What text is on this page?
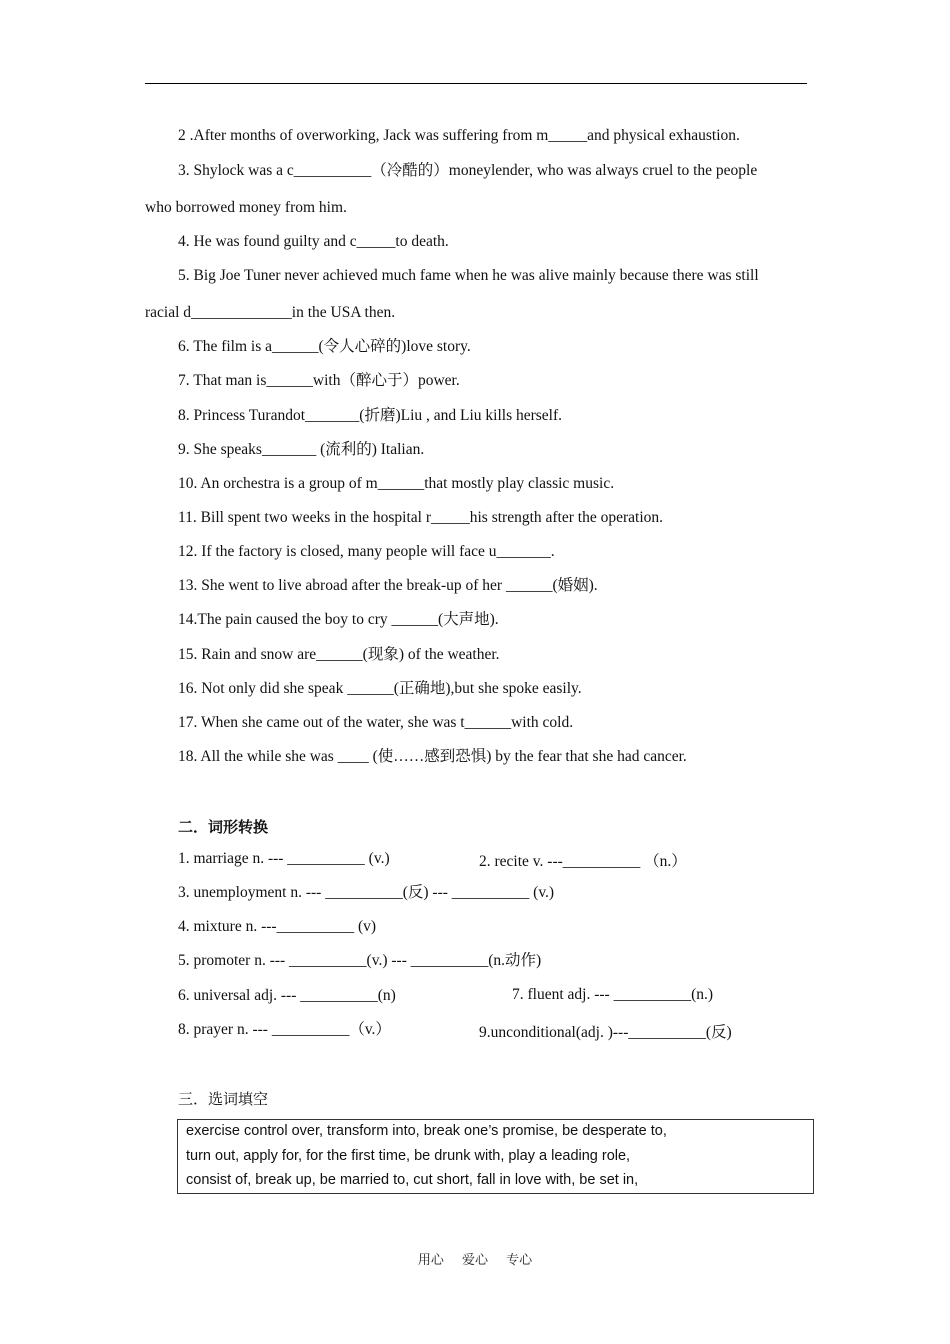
2 .After months of overworking, Jack was suffering from m_____and physical exhaustion.
3. Shylock was a c__________（冷酷的）moneylender, who was always cruel to the people
who borrowed money from him.
4. He was found guilty and c_____to death.
5. Big Joe Tuner never achieved much fame when he was alive mainly because there was still
racial d_____________in the USA then.
6. The film is a______(令人心碎的)love story.
7. That man is______with（醉心于）power.
8. Princess Turandot_______(折磨)Liu , and Liu kills herself.
9. She speaks_______ (流利的) Italian.
10. An orchestra is a group of m______that mostly play classic music.
11. Bill spent two weeks in the hospital r_____his strength after the operation.
12. If the factory is closed, many people will face u_______.
13. She went to live abroad after the break-up of her ______(婚姻).
14.The pain caused the boy to cry ______(大声地).
15. Rain and snow are______(现象) of the weather.
16. Not only did she speak ______(正确地),but she spoke easily.
17. When she came out of the water, she was t______with cold.
18. All the while she was ____ (使……感到恐惧) by the fear that she had cancer.
二．词形转换
1. marriage n. --- __________ (v.)	2. recite v. ---__________ （n.）
3. unemployment n. --- __________(反) --- __________ (v.)
4. mixture n. ---__________ (v)
5. promoter n. --- __________(v.) --- __________(n.动作)
6. universal adj. --- __________(n)	7. fluent adj. --- __________(n.)
8. prayer n. --- __________（v.）	9.unconditional(adj. )---__________(反)
三．选词填空
exercise control over, transform into, break one’s promise, be desperate to,
turn out, apply for, for the first time, be drunk with, play a leading role,
consist of, break up, be married to, cut short, fall in love with, be set in,
用心 爱心 专心
